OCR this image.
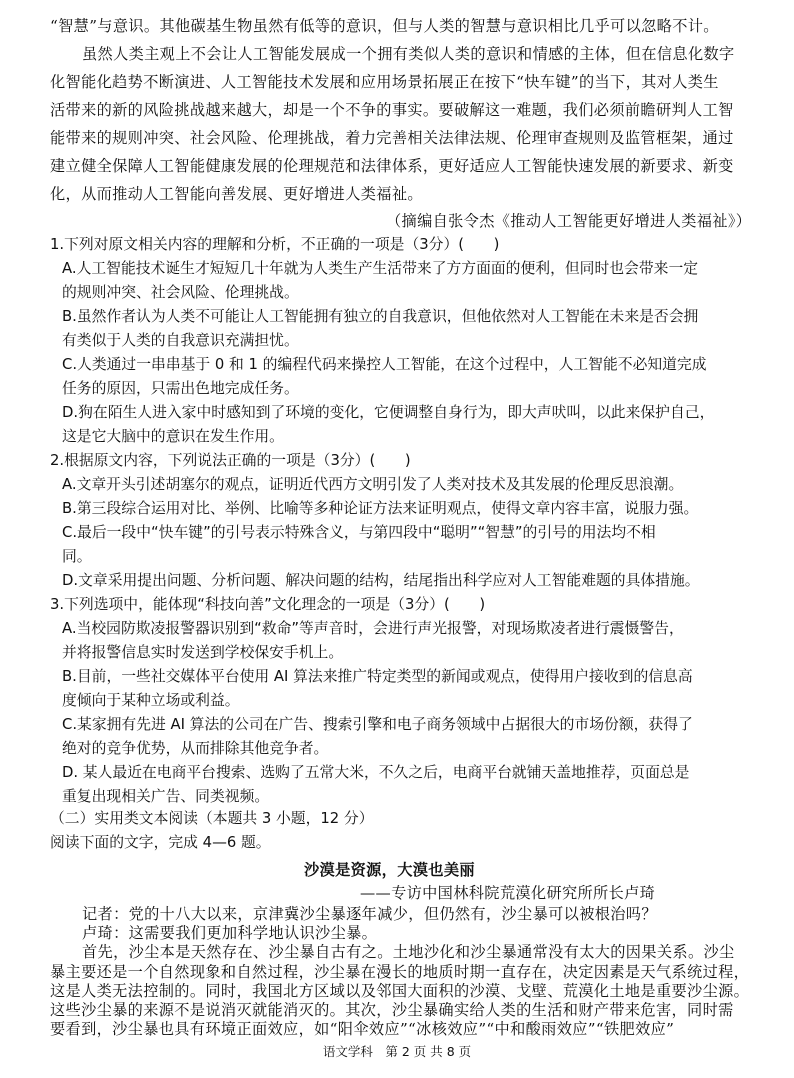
“智慧”与意识。其他碳基生物虽然有低等的意识，但与人类的智慧与意识相比几乎可以忽略不计。
虽然人类主观上不会让人工智能发展成一个拥有类似人类的意识和情感的主体，但在信息化数字
化智能化趋势不断演进、人工智能技术发展和应用场景拓展正在按下“快车键”的当下，其对人类生
活带来的新的风险挑战越来越大，却是一个不争的事实。要破解这一难题，我们必须前瞻研判人工智
能带来的规则冲突、社会风险、伦理挑战，着力完善相关法律法规、伦理审查规则及监管框架，通过
建立健全保障人工智能健康发展的伦理规范和法律体系，更好适应人工智能快速发展的新要求、新变
化，从而推动人工智能向善发展、更好增进人类福祉。
（摘编自张令杰《推动人工智能更好增进人类福祉》）
1.下列对原文相关内容的理解和分析，不正确的一项是（3分）(　　)
A.人工智能技术诞生才短短几十年就为人类生产生活带来了方方面面的便利，但同时也会带来一定
的规则冲突、社会风险、伦理挑战。
B.虽然作者认为人类不可能让人工智能拥有独立的自我意识，但他依然对人工智能在未来是否会拥
有类似于人类的自我意识充满担忧。
C.人类通过一串串基于 0 和 1 的编程代码来操控人工智能，在这个过程中，人工智能不必知道完成
任务的原因，只需出色地完成任务。
D.狗在陌生人进入家中时感知到了环境的变化，它便调整自身行为，即大声吠叫，以此来保护自己，
这是它大脑中的意识在发生作用。
2.根据原文内容，下列说法正确的一项是（3分）(　　)
A.文章开头引述胡塞尔的观点，证明近代西方文明引发了人类对技术及其发展的伦理反思浪潮。
B.第三段综合运用对比、举例、比喻等多种论证方法来证明观点，使得文章内容丰富，说服力强。
C.最后一段中“快车键”的引号表示特殊含义，与第四段中“聪明”“智慧”的引号的用法均不相
同。
D.文章采用提出问题、分析问题、解决问题的结构，结尾指出科学应对人工智能难题的具体措施。
3.下列选项中，能体现“科技向善”文化理念的一项是（3分）(　　)
A.当校园防欺凌报警器识别到“救命”等声音时，会进行声光报警，对现场欺凌者进行震慑警告，
并将报警信息实时发送到学校保安手机上。
B.目前，一些社交媒体平台使用 AI 算法来推广特定类型的新闻或观点，使得用户接收到的信息高
度倾向于某种立场或利益。
C.某家拥有先进 AI 算法的公司在广告、搜索引擎和电子商务领域中占据很大的市场份额，获得了
绝对的竞争优势，从而排除其他竞争者。
D. 某人最近在电商平台搜索、选购了五常大米，不久之后，电商平台就铺天盖地推荐，页面总是
重复出现相关广告、同类视频。
（二）实用类文本阅读（本题共 3 小题，12 分）
阅读下面的文字，完成 4—6 题。
沙漠是资源，大漠也美丽
——专访中国林科院荒漠化研究所所长卢琦
记者：党的十八大以来，京津冀沙尘暴逐年减少，但仍然有，沙尘暴可以被根治吗？
卢琦：这需要我们更加科学地认识沙尘暴。
首先，沙尘本是天然存在、沙尘暴自古有之。土地沙化和沙尘暴通常没有太大的因果关系。沙尘
暴主要还是一个自然现象和自然过程，沙尘暴在漫长的地质时期一直存在，决定因素是天气系统过程，
这是人类无法控制的。同时，我国北方区域以及邻国大面积的沙漠、戈壁、荒漠化土地是重要沙尘源。
语文学科　第 2 页 共 8 页
这些沙尘暴的来源不是说消灭就能消灭的。其次，沙尘暴确实给人类的生活和财产带来危害，同时需
要看到，沙尘暴也具有环境正面效应，如“阳伞效应”“冰核效应”“中和酸雨效应”“铁肥效应”
